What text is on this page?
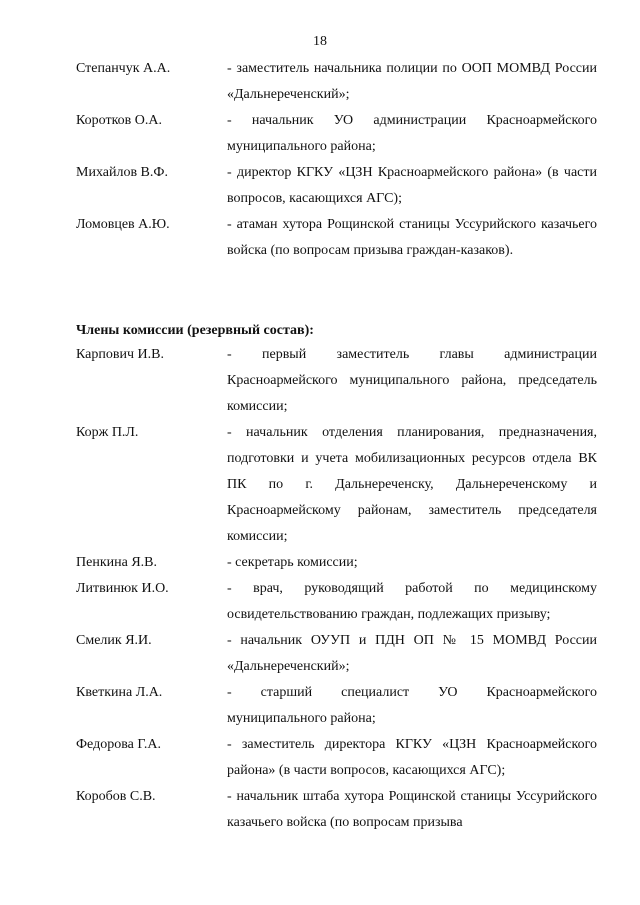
18
Степанчук А.А.	- заместитель начальника полиции по ООП МОМВД России «Дальнереченский»;
Коротков О.А.	- начальник УО администрации Красноармейского муниципального района;
Михайлов В.Ф.	- директор КГКУ «ЦЗН Красноармейского района» (в части вопросов, касающихся АГС);
Ломовцев А.Ю.	- атаман хутора Рощинской станицы Уссурийского казачьего войска (по вопросам призыва граждан-казаков).
Члены комиссии (резервный состав):
Карпович И.В.	- первый заместитель главы администрации Красноармейского муниципального района, председатель комиссии;
Корж П.Л.	- начальник отделения планирования, предназначения, подготовки и учета мобилизационных ресурсов отдела ВК ПК по г. Дальнереченску, Дальнереченскому и Красноармейскому районам, заместитель председателя комиссии;
Пенкина Я.В.	- секретарь комиссии;
Литвинюк И.О.	- врач, руководящий работой по медицинскому освидетельствованию граждан, подлежащих призыву;
Смелик Я.И.	- начальник ОУУП и ПДН ОП № 15 МОМВД России «Дальнереченский»;
Кветкина Л.А.	- старший специалист УО Красноармейского муниципального района;
Федорова Г.А.	- заместитель директора КГКУ «ЦЗН Красноармейского района» (в части вопросов, касающихся АГС);
Коробов С.В.	- начальник штаба хутора Рощинской станицы Уссурийского казачьего войска (по вопросам призыва
